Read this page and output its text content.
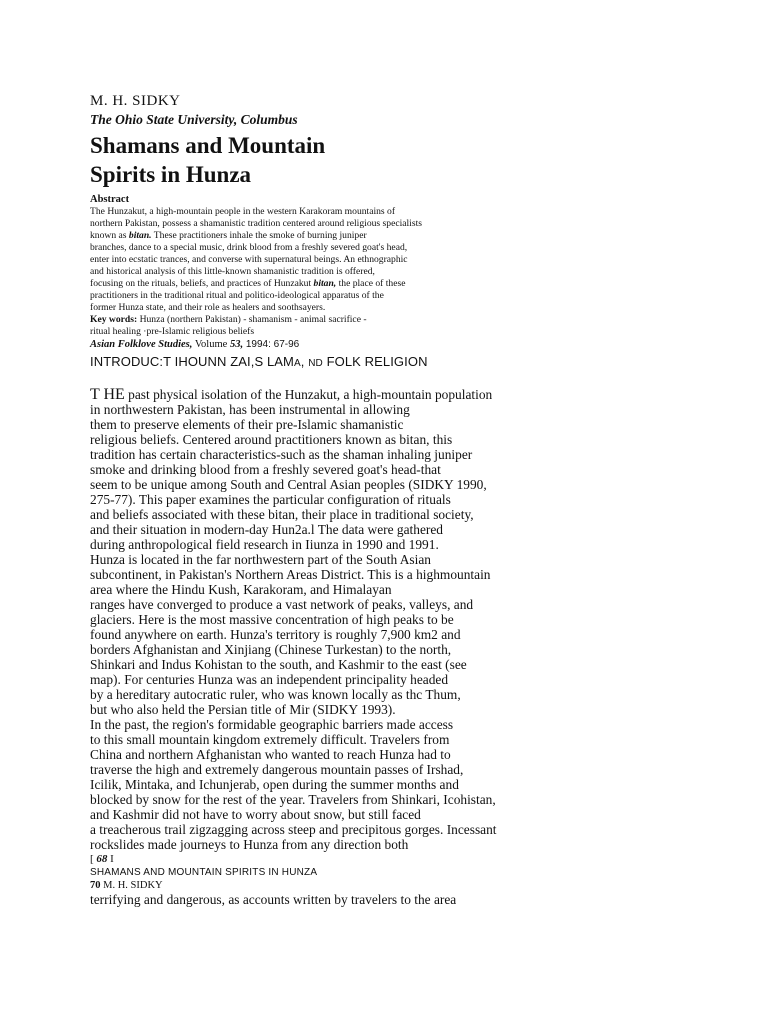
M. H. SIDKY
The Ohio State University, Columbus
Shamans and Mountain
Spirits in Hunza
Abstract
The Hunzakut, a high-mountain people in the western Karakoram mountains of
northern Pakistan, possess a shamanistic tradition centered around religious specialists
known as bitan. These practitioners inhale the smoke of burning juniper
branches, dance to a special music, drink blood from a freshly severed goat's head,
enter into ecstatic trances, and converse with supernatural beings. An ethnographic
and historical analysis of this little-known shamanistic tradition is offered,
focusing on the rituals, beliefs, and practices of Hunzakut bitan, the place of these
practitioners in the traditional ritual and politico-ideological apparatus of the
former Hunza state, and their role as healers and soothsayers.
Key words: Hunza (northern Pakistan) - shamanism - animal sacrifice -
ritual healing ·pre-Islamic religious beliefs
Asian Folklove Studies, Volume 53, 1994: 67-96
INTRODUC:T IHOUNN ZAI,S LAMA, ND FOLK RELIGION
T HE past physical isolation of the Hunzakut, a high-mountain population
in northwestern Pakistan, has been instrumental in allowing
them to preserve elements of their pre-Islamic shamanistic
religious beliefs. Centered around practitioners known as bitan, this
tradition has certain characteristics-such as the shaman inhaling juniper
smoke and drinking blood from a freshly severed goat's head-that
seem to be unique among South and Central Asian peoples (SIDKY 1990,
275-77). This paper examines the particular configuration of rituals
and beliefs associated with these bitan, their place in traditional society,
and their situation in modern-day Hun2a.l The data were gathered
during anthropological field research in Iiunza in 1990 and 1991.
Hunza is located in the far northwestern part of the South Asian
subcontinent, in Pakistan's Northern Areas District. This is a highmountain
area where the Hindu Kush, Karakoram, and Himalayan
ranges have converged to produce a vast network of peaks, valleys, and
glaciers. Here is the most massive concentration of high peaks to be
found anywhere on earth. Hunza's territory is roughly 7,900 km2 and
borders Afghanistan and Xinjiang (Chinese Turkestan) to the north,
Shinkari and Indus Kohistan to the south, and Kashmir to the east (see
map). For centuries Hunza was an independent principality headed
by a hereditary autocratic ruler, who was known locally as thc Thum,
but who also held the Persian title of Mir (SIDKY 1993).
In the past, the region's formidable geographic barriers made access
to this small mountain kingdom extremely difficult. Travelers from
China and northern Afghanistan who wanted to reach Hunza had to
traverse the high and extremely dangerous mountain passes of Irshad,
Icilik, Mintaka, and Ichunjerab, open during the summer months and
blocked by snow for the rest of the year. Travelers from Shinkari, Icohistan,
and Kashmir did not have to worry about snow, but still faced
a treacherous trail zigzagging across steep and precipitous gorges. Incessant
rockslides made journeys to Hunza from any direction both
[ 68 I
SHAMANS AND MOUNTAIN SPIRITS IN HUNZA
70 M. H. SIDKY
terrifying and dangerous, as accounts written by travelers to the area
